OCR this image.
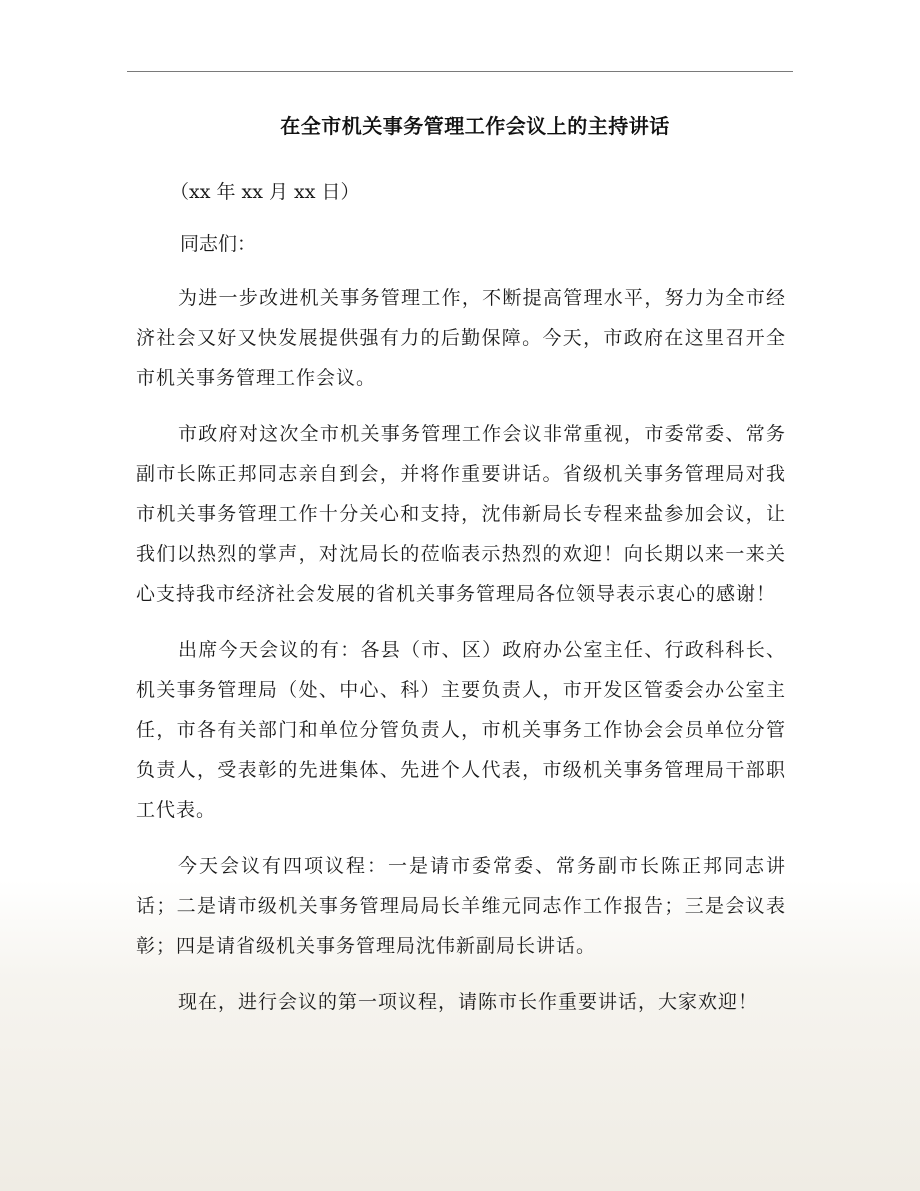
在全市机关事务管理工作会议上的主持讲话

（xx 年 xx 月 xx 日）

同志们：

为进一步改进机关事务管理工作，不断提高管理水平，努力为全市经济社会又好又快发展提供强有力的后勤保障。今天，市政府在这里召开全市机关事务管理工作会议。

市政府对这次全市机关事务管理工作会议非常重视，市委常委、常务副市长陈正邦同志亲自到会，并将作重要讲话。省级机关事务管理局对我市机关事务管理工作十分关心和支持，沈伟新局长专程来盐参加会议，让我们以热烈的掌声，对沈局长的莅临表示热烈的欢迎！向长期以来一来关心支持我市经济社会发展的省机关事务管理局各位领导表示衷心的感谢！

出席今天会议的有：各县（市、区）政府办公室主任、行政科科长、机关事务管理局（处、中心、科）主要负责人，市开发区管委会办公室主任，市各有关部门和单位分管负责人，市机关事务工作协会会员单位分管负责人，受表彰的先进集体、先进个人代表，市级机关事务管理局干部职工代表。

今天会议有四项议程：一是请市委常委、常务副市长陈正邦同志讲话；二是请市级机关事务管理局局长羊维元同志作工作报告；三是会议表彰；四是请省级机关事务管理局沈伟新副局长讲话。

现在，进行会议的第一项议程，请陈市长作重要讲话，大家欢迎！
